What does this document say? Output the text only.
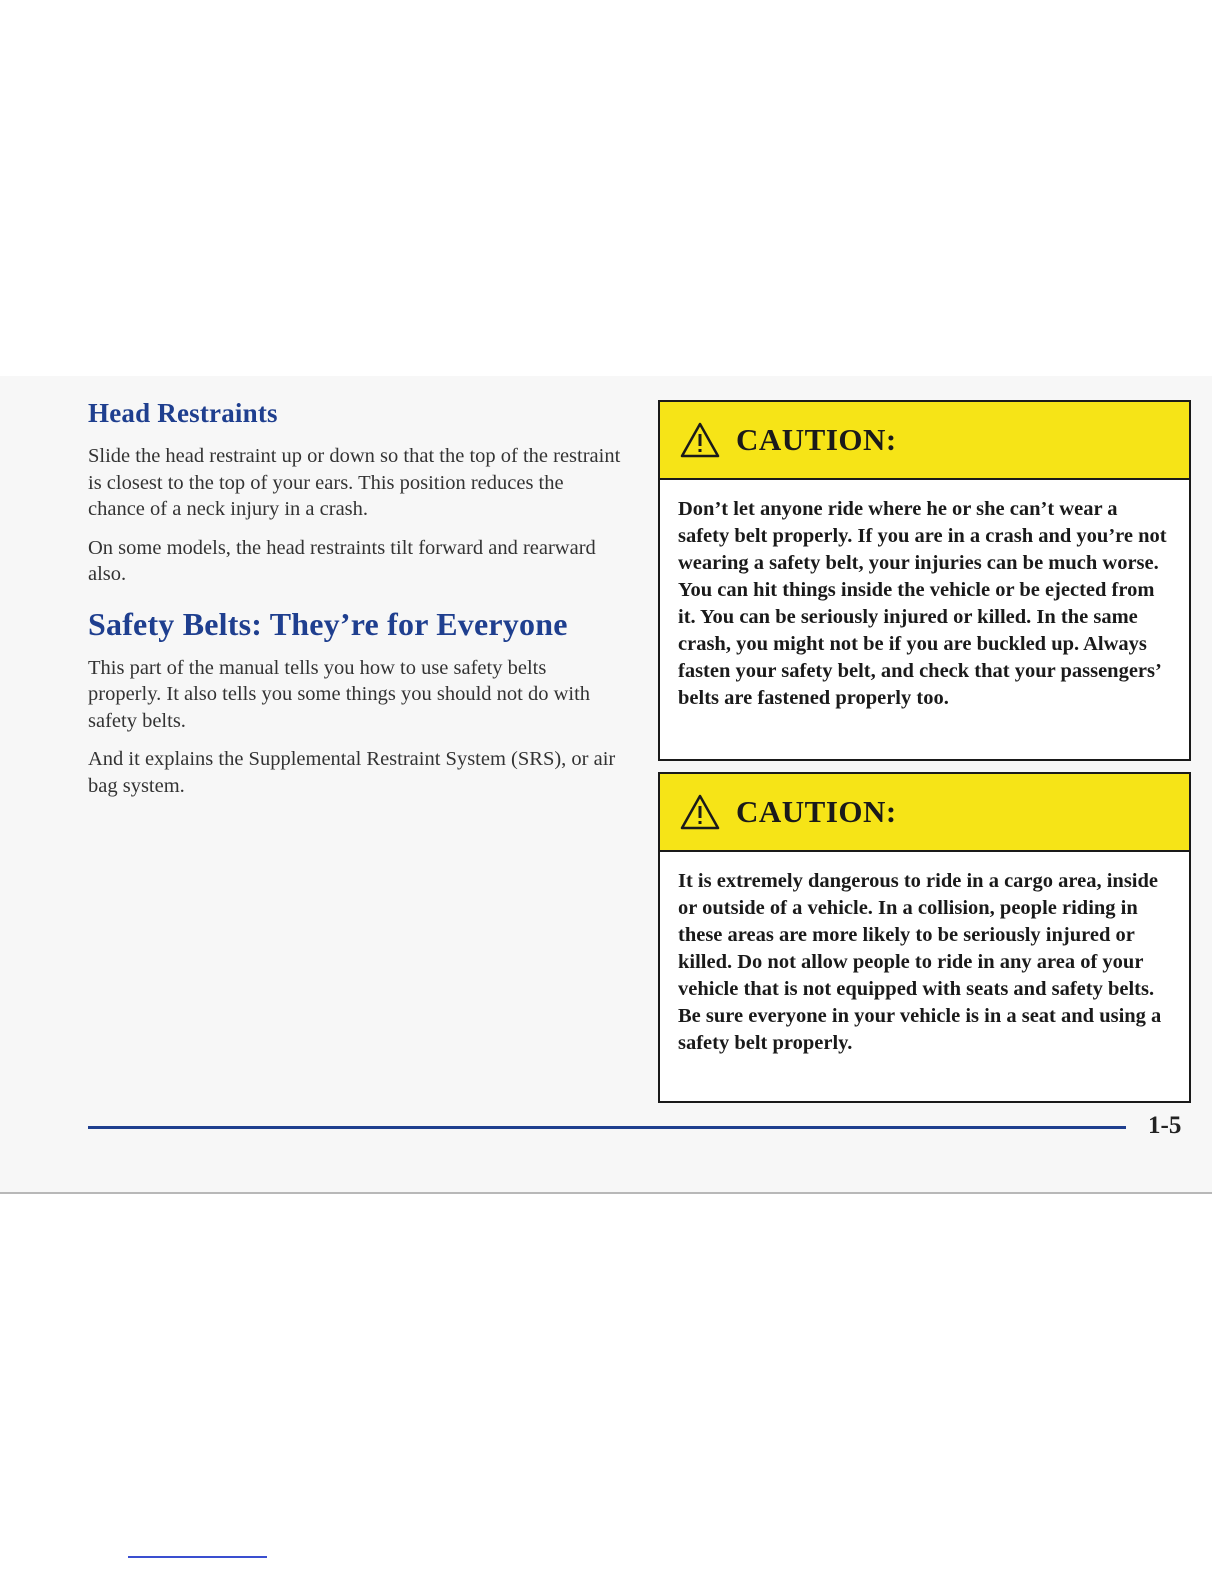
Head Restraints

Slide the head restraint up or down so that the top of the restraint is closest to the top of your ears. This position reduces the chance of a neck injury in a crash.

On some models, the head restraints tilt forward and rearward also.

Safety Belts: They’re for Everyone

This part of the manual tells you how to use safety belts properly. It also tells you some things you should not do with safety belts.

And it explains the Supplemental Restraint System (SRS), or air bag system.

CAUTION:
Don’t let anyone ride where he or she can’t wear a safety belt properly. If you are in a crash and you’re not wearing a safety belt, your injuries can be much worse. You can hit things inside the vehicle or be ejected from it. You can be seriously injured or killed. In the same crash, you might not be if you are buckled up. Always fasten your safety belt, and check that your passengers’ belts are fastened properly too.
CAUTION:
It is extremely dangerous to ride in a cargo area, inside or outside of a vehicle. In a collision, people riding in these areas are more likely to be seriously injured or killed. Do not allow people to ride in any area of your vehicle that is not equipped with seats and safety belts. Be sure everyone in your vehicle is in a seat and using a safety belt properly.
1-5
